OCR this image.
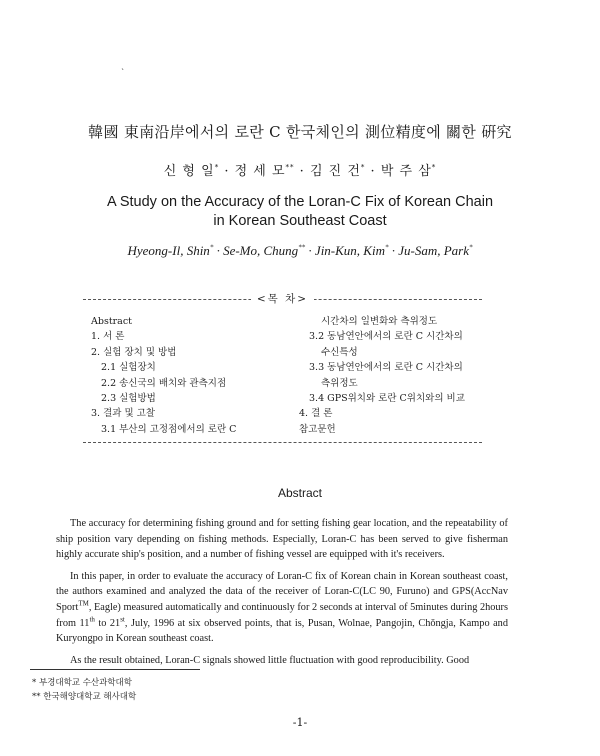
`
韓國 東南沿岸에서의 로란 C 한국체인의 測位精度에 關한 硏究
신 형 일* · 정 세 모** · 김 진 건* · 박 주 삼*
A Study on the Accuracy of the Loran-C Fix of Korean Chain
in Korean Southeast Coast
Hyeong-Il, Shin* · Se-Mo, Chung** · Jin-Kun, Kim* · Ju-Sam, Park*
<목 차>
Abstract
1. 서 론
2. 실험 장치 및 방법
2.1 실험장치
2.2 송신국의 배치와 관측지점
2.3 실험방법
3. 결과 및 고찰
3.1 부산의 고정점에서의 로란 C
시간차의 일변화와 측위정도
3.2 동남연안에서의 로란 C 시간차의
수신특성
3.3 동남연안에서의 로란 C 시간차의
측위정도
3.4 GPS위치와 로란 C위치와의 비교
4. 결 론
참고문헌
Abstract

The accuracy for determining fishing ground and for setting fishing gear location, and the repeatability of ship position vary depending on fishing methods. Especially, Loran-C has been served to give fisherman highly accurate ship's position, and a number of fishing vessel are equipped with it's receivers.

In this paper, in order to evaluate the accuracy of Loran-C fix of Korean chain in Korean southeast coast, the authors examined and analyzed the data of the receiver of Loran-C(LC 90, Furuno) and GPS(AccNav Sport™, Eagle) measured automatically and continuously for 2 seconds at interval of 5minutes during 2hours from 11th to 21st, July, 1996 at six observed points, that is, Pusan, Wolnae, Pangojin, Chǒngja, Kampo and Kuryongpo in Korean southeast coast.

As the result obtained, Loran-C signals showed little fluctuation with good reproducibility. Good

* 부경대학교 수산과학대학
** 한국해양대학교 해사대학
-1-
